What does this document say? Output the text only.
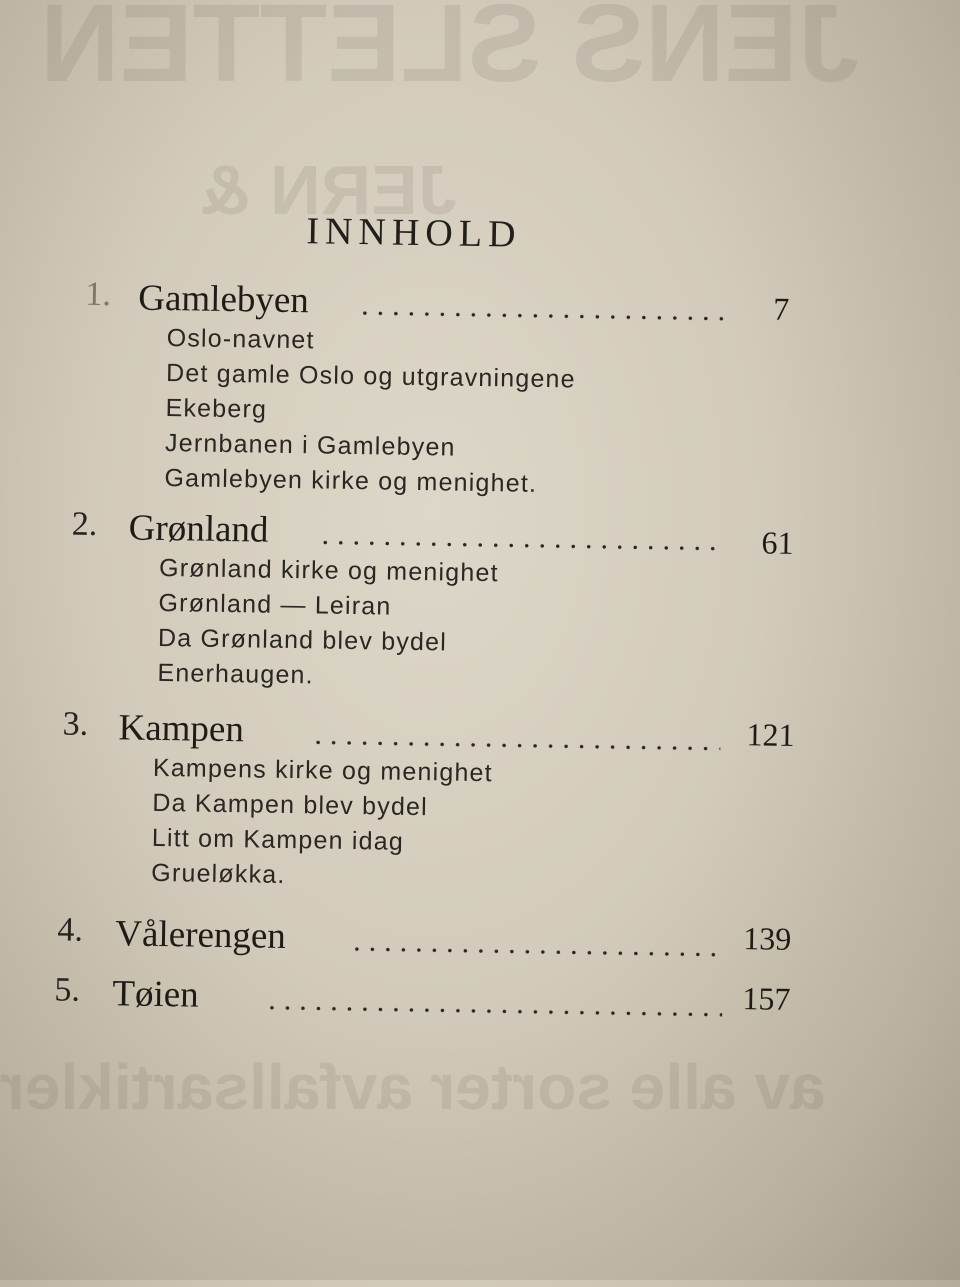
JENS SLETTEN
JERN &
av alle sorter avfallsartikler
INNHOLD
1. Gamlebyen	7
Oslo-navnet
Det gamle Oslo og utgravningene
Ekeberg
Jernbanen i Gamlebyen
Gamlebyen kirke og menighet.
2. Grønland	61
Grønland kirke og menighet
Grønland — Leiran
Da Grønland blev bydel
Enerhaugen.
3. Kampen	121
Kampens kirke og menighet
Da Kampen blev bydel
Litt om Kampen idag
Grueløkka.
4. Vålerengen	139
5. Tøien	157
